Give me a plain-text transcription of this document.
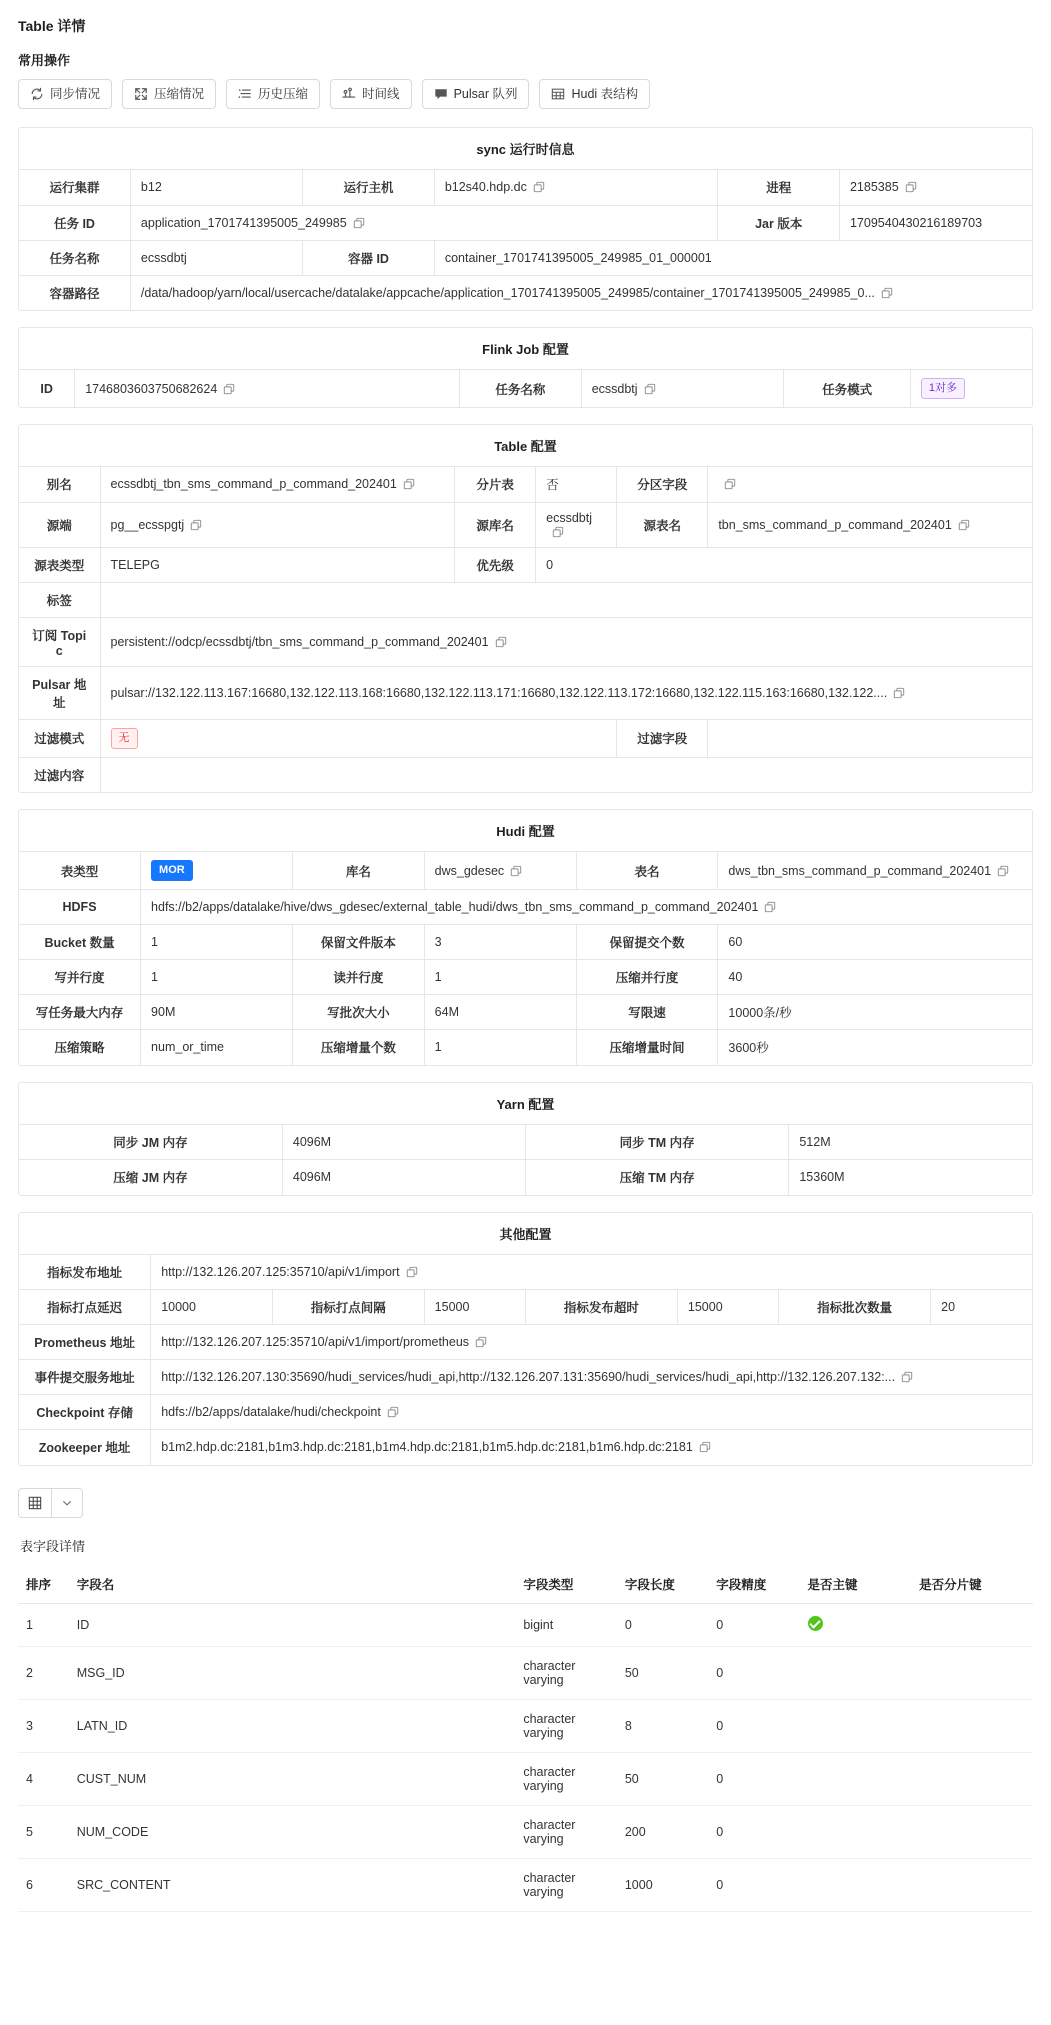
Table 详情
常用操作
同步情况	压缩情况	历史压缩	时间线	Pulsar 队列	Hudi 表结构
sync 运行时信息
运行集群	b12	运行主机	b12s40.hdp.dc	进程	2185385

任务 ID	application_1701741395005_249985			Jar 版本	1709540430216189703
任务名称	ecssdbtj	容器 ID	container_1701741395005_249985_01_000001		
容器路径	/data/hadoop/yarn/local/usercache/datalake/appcache/application_1701741395005_249985/container_1701741395005_249985_0...				
Flink Job 配置
ID	1746803603750682624	任务名称	ecssdbtj	任务模式	1对多
Table 配置
别名	ecssdbtj_tbn_sms_command_p_command_202401	分片表	否	分区字段	

源端	pg__ecsspgtj	源库名	ecssdbtj	源表名	tbn_sms_command_p_command_202401

源表类型	TELEPG	优先级	0		
标签					
订阅 Topic	persistent://odcp/ecssdbtj/tbn_sms_command_p_command_202401				

Pulsar 地址	pulsar://132.122.113.167:16680,132.122.113.168:16680,132.122.113.171:16680,132.122.113.172:16680,132.122.115.163:16680,132.122....				

过滤模式	无			过滤字段	
过滤内容					
Hudi 配置
表类型	MOR	库名	dws_gdesec	表名	dws_tbn_sms_command_p_command_202401

HDFS	hdfs://b2/apps/datalake/hive/dws_gdesec/external_table_hudi/dws_tbn_sms_command_p_command_202401				

Bucket 数量	1	保留文件版本	3	保留提交个数	60
写并行度	1	读并行度	1	压缩并行度	40
写任务最大内存	90M	写批次大小	64M	写限速	10000条/秒
压缩策略	num_or_time	压缩增量个数	1	压缩增量时间	3600秒
Yarn 配置
同步 JM 内存	4096M	同步 TM 内存	512M
压缩 JM 内存	4096M	压缩 TM 内存	15360M
其他配置
指标发布地址	http://132.126.207.125:35710/api/v1/import						

指标打点延迟	10000	指标打点间隔	15000	指标发布超时	15000	指标批次数量	20
Prometheus 地址	http://132.126.207.125:35710/api/v1/import/prometheus						

事件提交服务地址	http://132.126.207.130:35690/hudi_services/hudi_api,http://132.126.207.131:35690/hudi_services/hudi_api,http://132.126.207.132:...						

Checkpoint 存储	hdfs://b2/apps/datalake/hudi/checkpoint						

Zookeeper 地址	b1m2.hdp.dc:2181,b1m3.hdp.dc:2181,b1m4.hdp.dc:2181,b1m5.hdp.dc:2181,b1m6.hdp.dc:2181						
表字段详情
排序	字段名	字段类型	字段长度	字段精度	是否主键	是否分片键
1	ID	bigint	0	0		
2	MSG_ID	character
varying	50	0		
3	LATN_ID	character
varying	8	0		
4	CUST_NUM	character
varying	50	0		
5	NUM_CODE	character
varying	200	0		
6	SRC_CONTENT	character
varying	1000	0		
